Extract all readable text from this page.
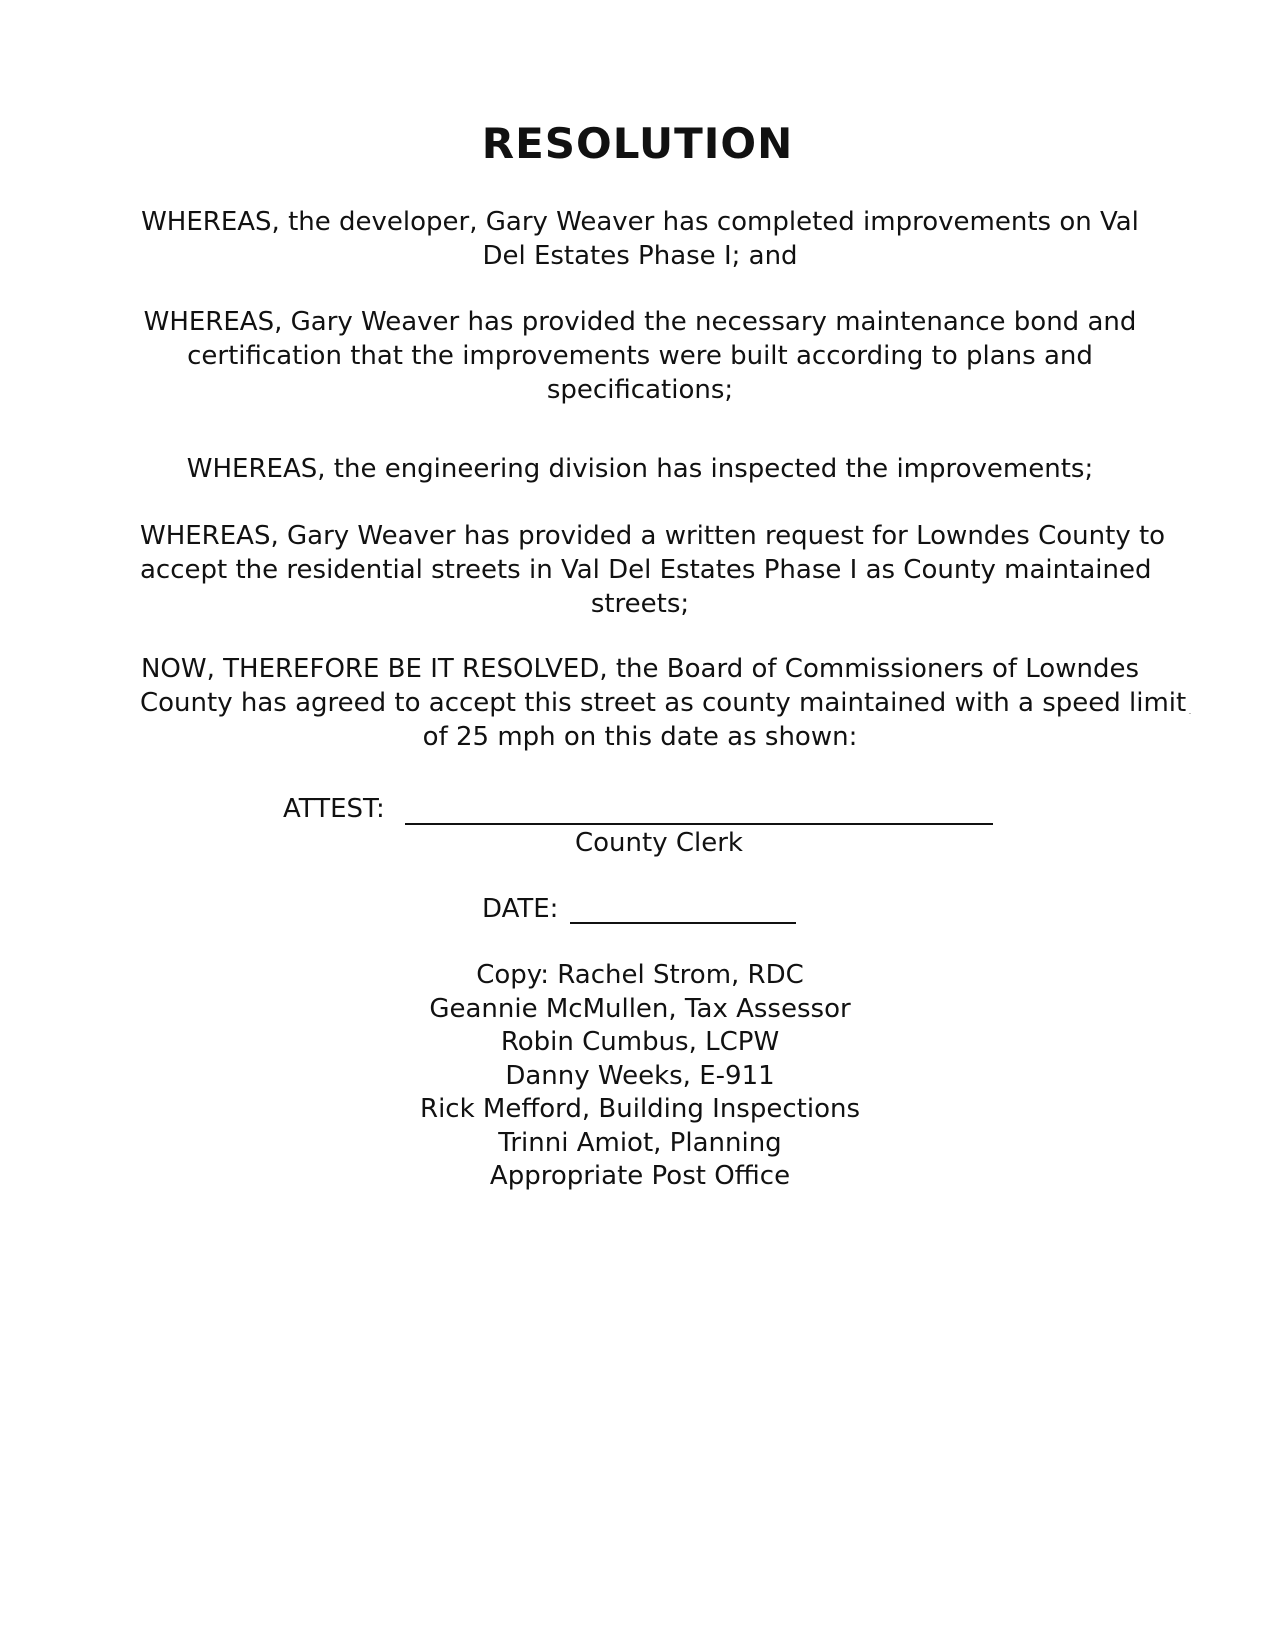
RESOLUTION
WHEREAS, the developer, Gary Weaver has completed improvements on Val
Del Estates Phase I; and
WHEREAS, Gary Weaver has provided the necessary maintenance bond and
certification that the improvements were built according to plans and
specifications;
WHEREAS, the engineering division has inspected the improvements;
WHEREAS, Gary Weaver has provided a written request for Lowndes County to
accept the residential streets in Val Del Estates Phase I as County maintained
streets;
NOW, THEREFORE BE IT RESOLVED, the Board of Commissioners of Lowndes
County has agreed to accept this street as county maintained with a speed limit
of 25 mph on this date as shown:
ATTEST:
County Clerk
DATE:
Copy: Rachel Strom, RDC
Geannie McMullen, Tax Assessor
Robin Cumbus, LCPW
Danny Weeks, E-911
Rick Mefford, Building Inspections
Trinni Amiot, Planning
Appropriate Post Office
